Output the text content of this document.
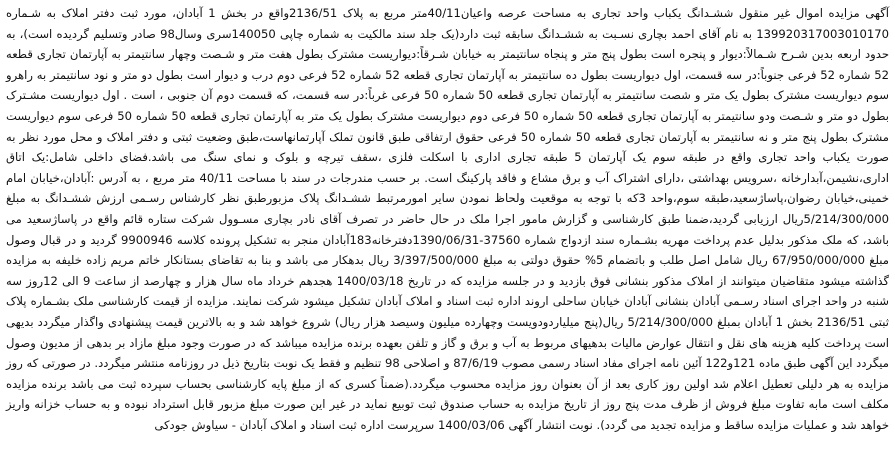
آگهی مزایده اموال غیر منقول ششـدانگ یکباب واحد تجاری به مساحت عرصه واعیان40/11متر مربع به پلاک 2136/51واقع در بخش 1 آبادان، مورد ثبت دفتر املاک به شـماره 139920317003010170 به نام آقای احمد بچاری نسـبت به ششـدانگ سابقه ثبت دارد(یک جلد سند مالکیت به شماره چاپی 140050سری وسال98 صادر وتسلیم گردیده است)، به حدود اربعه بدین شـرح شـمالاً:دیوار و پنجره است بطول پنج متر و پنجاه سانتیمتر به خیابان شـرقاً:دیواریست مشترک بطول هفت متر و شـصت وچهار سانتیمتر به آپارتمان تجاری قطعه 52 شماره 52 فرعی جنوباً:در سه قسمت، اول دیواریست بطول ده سانتیمتر به آپارتمان تجاری قطعه 52 شماره 52 فرعی دوم درب و دیوار است بطول دو متر و نود سانتیمتر به راهرو سوم دیواریست مشترک بطول یک متر و شصت سانتیمتر به آپارتمان تجاری قطعه 50 شماره 50 فرعی غرباً:در سه قسمت، که قسمت دوم آن جنوبی ، است . اول دیواریست مشـترک بطول دو متر و شـصت ودو سانتیمتر به آپارتمان تجاری قطعه 50 شماره 50 فرعی دوم دیواریست مشترک بطول یک متر به آپارتمان تجاری قطعه 50 شماره 50 فرعی سوم دیواریست مشترک بطول پنج متر و نه سانتیمتر به آپارتمان تجاری قطعه 50 شماره 50 فرعی حقوق ارتفاقی طبق قانون تملک آپارتمانهاست،طبق وضعیت ثبتی و دفتر املاک و محل مورد نظر به صورت یکباب واحد تجاری واقع در طبقه سوم یک آپارتمان 5 طبقه تجاری اداری با اسکلت فلزی ،سقف تیرچه و بلوک و نمای سنگ می باشد.فضای داخلی شامل:یک اتاق اداری،نشیمن،آبدارخانه ،سرویس بهداشتی ،دارای اشتراک آب و برق مشاع و فاقد پارکینگ است. بر حسب مندرجات در سند با مساحت 40/11 متر مربع ، به آدرس :آبادان،خیابان امام خمینی،خیابان رضوان،پاساژسعید،طبقه سوم،واحد 3که با توجه به موقعیت ولحاظ نمودن سایر امورمرتبط ششـدانگ پلاک مزبورطبق نظر کارشناس رسـمی ارزش ششـدانگ به مبلغ 5/214/300/000ریال ارزیابی گردید،ضمنا طبق کارشناسی و گزارش مامور اجرا ملک در حال حاضر در تصرف آقای نادر بچاری مسـوول شرکت ستاره قائم واقع در پاساژسعید می باشد، که ملک مذکور بدلیل عدم پرداخت مهریه بشـماره سند ازدواج شماره 37560-1390/06/31دفترخانه183آبادان منجر به تشکیل پرونده کلاسه 9900946 گردید و در قبال وصول مبلغ 67/950/000/000 ریال شامل اصل طلب و باتضمام 5% حقوق دولتی به مبلغ 3/397/500/000 ریال بدهکار می باشد و بنا به تقاضای بستانکار خاتم مریم زاده خلیفه به مزایده گذاشته میشود متقاضیان میتوانند از املاک مذکور بنشانی فوق بازدید و در جلسه مزایده که در تاریخ 1400/03/18 هجدهم خرداد ماه سال هزار و چهارصد از ساعت 9 الی 12روز سه شنبه در واحد اجرای اسناد رسـمی آبادان بنشانی آبادان خیابان ساحلی اروند اداره ثبت اسناد و املاک آبادان تشکیل میشود شرکت نمایند. مزایده از قیمت کارشناسی ملک بشـماره پلاک ثبتی 2136/51 بخش 1 آبادان بمبلغ 5/214/300/000 ریال(پنج میلیاردودویست وچهارده میلیون وسیصد هزار ریال) شروع خواهد شد و به بالاترین قیمت پیشنهادی واگذار میگردد بدیهی است پرداخت کلیه هزینه های نقل و انتقال عوارض مالیات بدهیهای مربوط به آب و برق و گاز و تلفن بعهده برنده مزایده میباشد که در صورت وجود مبلغ مازاد بر بدهی از مدیون وصول میگردد این آگهی طبق ماده 121و122 آئین نامه اجرای مفاد اسناد رسمی مصوب 87/6/19 و اصلاحی 98 تنظیم و فقط یک نوبت بتاریخ ذیل در روزنامه منتشر میگردد. در صورتی که روز مزایده به هر دلیلی تعطیل اعلام شد اولین روز کاری بعد از آن بعنوان روز مزایده محسوب میگردد.(ضمناً کسری که از مبلغ پایه کارشناسی بحساب سپرده ثبت می باشد برنده مزایده مکلف است مابه تفاوت مبلغ فروش از ظرف مدت پنج روز از تاریخ مزایده به حساب صندوق ثبت توبیع نماید در غیر این صورت مبلغ مزبور قابل استرداد نبوده و به حساب خزانه واریز خواهد شد و عملیات مزایده ساقط و مزایده تجدید می گردد). نوبت انتشار آگهی 1400/03/06 سرپرست اداره ثبت اسناد و املاک آبادان - سیاوش جودکی
